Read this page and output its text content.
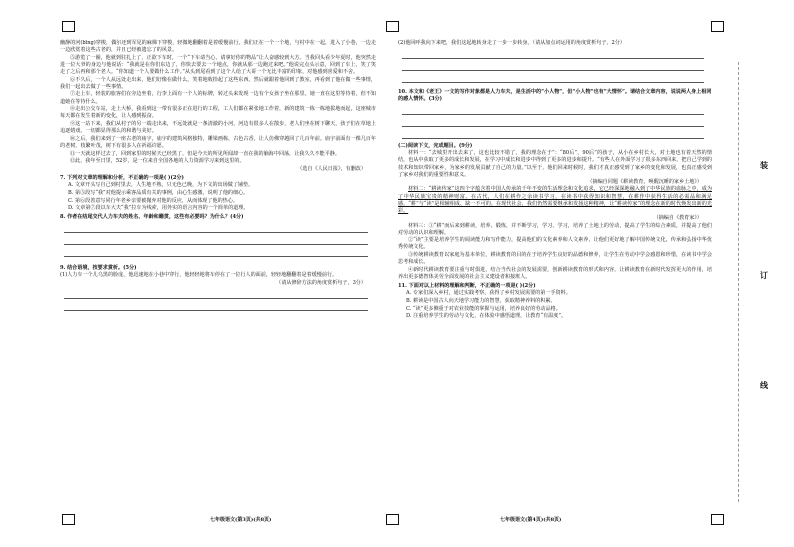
幽静的河(bīng)穿梭，偶尔还到军见的麻梯下穿梭，轻微地翻翻着是着缓慢前行，我们正在一个一个地，与村中在一起，进入了小巷，一边走一边欣赏着这些古老的，并且已经被遗忘了的风景。

⑤游览了一圈，他就到驻扎上了，正欲下车时，一个“下车请当心，请拿好你的物品”让人奋感较到大方。当我回头看少年夏时，他突然走进一位大爷的身边与他说话：“我就是在你们东边了，你快去要去一个地点，你就从那一边跑过来吧。”他说完点头示意，回到了车上，笑了笑走了之后再和那个老人。“你知道一个人要做什么工作。”从头到尾看到了这个人给了大哥一个无比丰富的印象，对他感到喜爱和不舍。

⑥不久后，一个人从远处走出来，他们好像在做什么，笑着地收拾起了这些东西。然后就跟着他回到了教室，再看到了他在做一些事情，我们一起出去做了一些事情。

⑦走上车，轻装的旅客们在旁边坐着，行李上面有一个人的标牌，转过头来发现一边有个女孩子坐在那里。她一直在这里等待着，但不知道她在等待什么。

⑧走出公交车站，走上大桥，我看到这一带有很多正在进行的工程，工人们都在紧张地工作着，新的建筑一栋一栋地拔地而起，这座城市每天都在发生着新的变化，让人感到振奋。

⑨这一站下来，我们从村子的另一端走出来，不远处就是一条清澈的小河，河边有很多人在散步，老人们坐在树下聊天，孩子们在草地上追逐嬉戏，一切都显得那么的和谐与美好。

⑩之后，我们来到了一座古老的庙宇，庙宇的建筑风格独特，雕梁画栋，古色古香，让人仿佛穿越回了几百年前。庙宇前面有一棵几百年的老树，枝繁叶茂，树下有很多人在祈福许愿。

⑪一天就这样过去了，回到家里的时候天已经黑了，但是今天的所见所闻却一直在我的脑海中回荡，让我久久不能平静。

⑫此，我年至日里，52岁，是一位来自全国各地的人力资源学习来到这里的。

（选自《人民日报》，有删改）
7. 下列对文章的理解和分析，不正确的一项是( )(2分)
A. 文章开头写自己到村里去，人生地不熟，只无色已晚，为下文的出场做了铺垫。
B. 第⑤段写“我”对他提示乘客品质有关的事例，由心生感激，说明了他的细心。
C. 第⑥段善意写同行年老乡亲要被抛弃对他的反应，从而体现了他的热心。
D. 文章第⑦段以车大夫“我”拉车为线索，用外实的语言内容的一个简单的道理。
8. 作者在结尾交代人力车夫的姓名、年龄和籍贯，这些有必要吗？为什么？(4分)
9. 结合语境，按要求赏析。(5分)

(1)人力车一个儿乌黑的脸庞，他迅速地在小巷中穿行，他轻轻地将车停在了一位行人的面前，轻轻地翻翻着是着缓慢前行。

（请从修辞方法的角度赏析句子，3分）
(2)他回呼我向下来吧，我们这起地转身走了一步一步转身。（请从加点词运用的角度赏析句子，2分）
10. 本文和《老王》一文的写作对象都是人力车夫，是生活中的“小人物”，但“小人物”也有“大情怀”。请结合文章内容，说说两人身上相同的感人情怀。(3分)
(二)阅读下文，完成题目。(9分)

材料一：“去城里开出去来了，这也比较不错了，我的理念在于”：“80后”，90后”的孩子，从小在乡村长大，对土地也有着天然的情结，也从中获取了更多的成长和发展，在学习中成长和进步中得到了更多的进步和提升。“有些人在外面学习了很多东西回来，把自己学到的技术和知识带回家乡，为家乡的发展贡献了自己的力量。”以至于，他们回来时候时，我们才真正感受到了家乡的变化和发展，也真正感受到了家乡对我们的重要性和意义。

（摘编自同题《耕读教育，唤醒沉睡的家乡土地》）

材料二：“耕读传家”这四个字蕴含着中国人传承的千年不变的生活理念和文化追求，它已经深深地融入到了中华民族的血脉之中，成为了中华民族宝贵的精神财富。在古代，人们在耕作之余读书学习，在读书中获得知识和智慧，在耕作中获得生活的必需品和满足感。“耕”与“读”是相辅相成、缺一不可的。在现代社会，我们仍然需要继承和发扬这种精神，让“耕读传家”的理念在新的时代焕发出新的光彩。

（摘编自《教育家》）

材料三：①“耕”而后来到耕读，培养、锻炼，并不断学习，学习，学习，培养了土地上的劳动，提高了学生的综合素质，并提高了他们对劳动的认识和理解。

②“读”主要是培养学生的阅读能力和写作能力，提高他们的文化素养和人文素养，让他们更好地了解中国传统文化，传承和弘扬中华优秀传统文化。

③传统耕读教育以家庭为基本单位，耕读教育的目的在于培养学生良好的品德和修养，让学生在劳动中学会感恩和珍惜，在读书中学会思考和成长。

④新时代耕读教育要注重与时俱进，结合当代社会的发展需要，创新耕读教育的形式和内容，让耕读教育在新时代发挥更大的作用，培养出更多德智体美劳全面发展的社会主义建设者和接班人。

11. 下面对以上材料的理解和判断，不正确的一项是( )(2分)
A. 专家们深入乡村，通过实践考察，获得了乡村发展需要的第一手资料。
B. 耕读是中国古人向天地学习能力的智慧，获取精神养料的积累。
C. “读”更多侧重于对农业技能的掌握与运用，培养良好的劳动品格。
D. 注重培养学生的劳动与文化，在体验中感悟道理，让教育“有温度”。
装
订
线
七年级语文(第3页)(共8页)	七年级语文(第4页)(共8页)
